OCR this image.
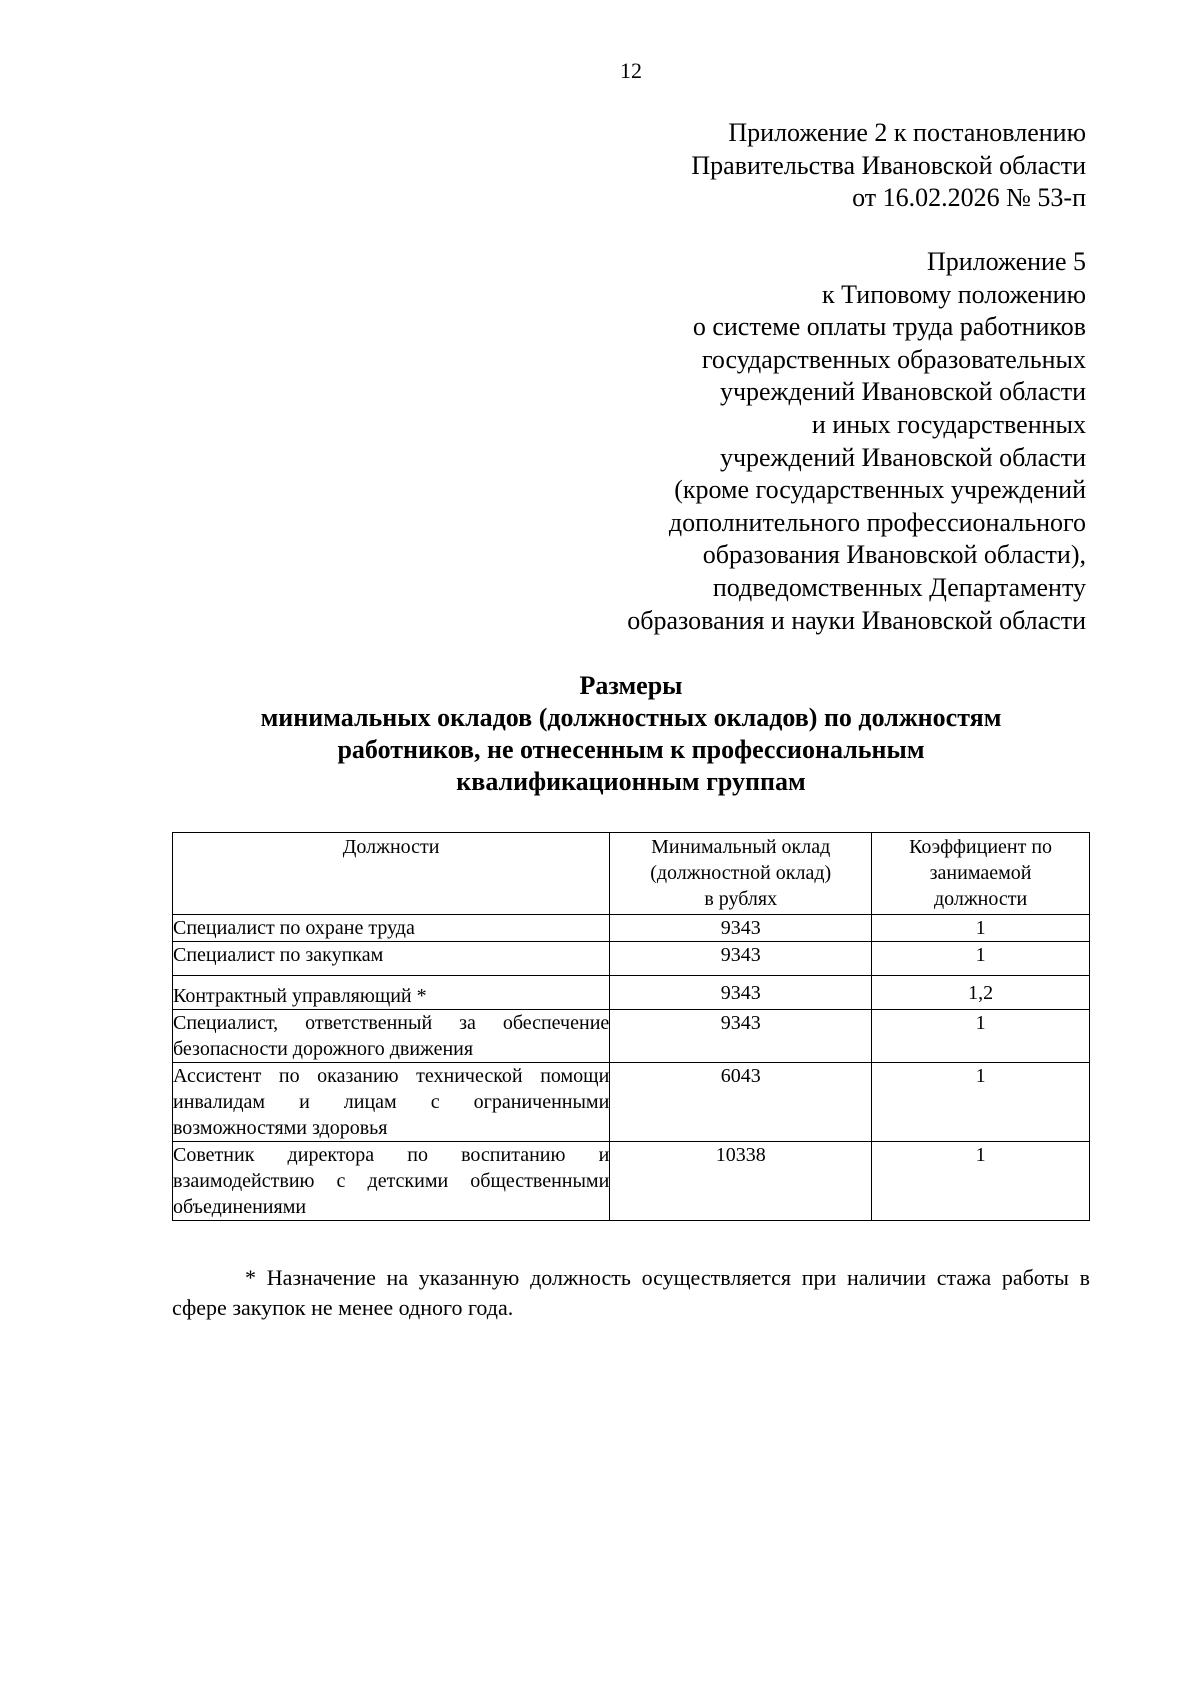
12
Приложение 2 к постановлению
Правительства Ивановской области
от 16.02.2026 № 53-п
Приложение 5
к Типовому положению
о системе оплаты труда работников
государственных образовательных
учреждений Ивановской области
и иных государственных
учреждений Ивановской области
(кроме государственных учреждений
дополнительного профессионального
образования Ивановской области),
подведомственных Департаменту
образования и науки Ивановской области
Размеры
минимальных окладов (должностных окладов) по должностям
работников, не отнесенным к профессиональным
квалификационным группам
Должности	Минимальный оклад (должностной оклад) в рублях	Коэффициент по занимаемой должности

Специалист по охране труда	9343	1
Специалист по закупкам	9343	1
Контрактный управляющий *	9343	1,2
Специалист, ответственный за обеспечение безопасности дорожного движения	9343	1
Ассистент по оказанию технической помощи инвалидам и лицам с ограниченными возможностями здоровья	6043	1
Советник директора по воспитанию и взаимодействию с детскими общественными объединениями	10338	1
* Назначение на указанную должность осуществляется при наличии стажа работы в сфере закупок не менее одного года.
